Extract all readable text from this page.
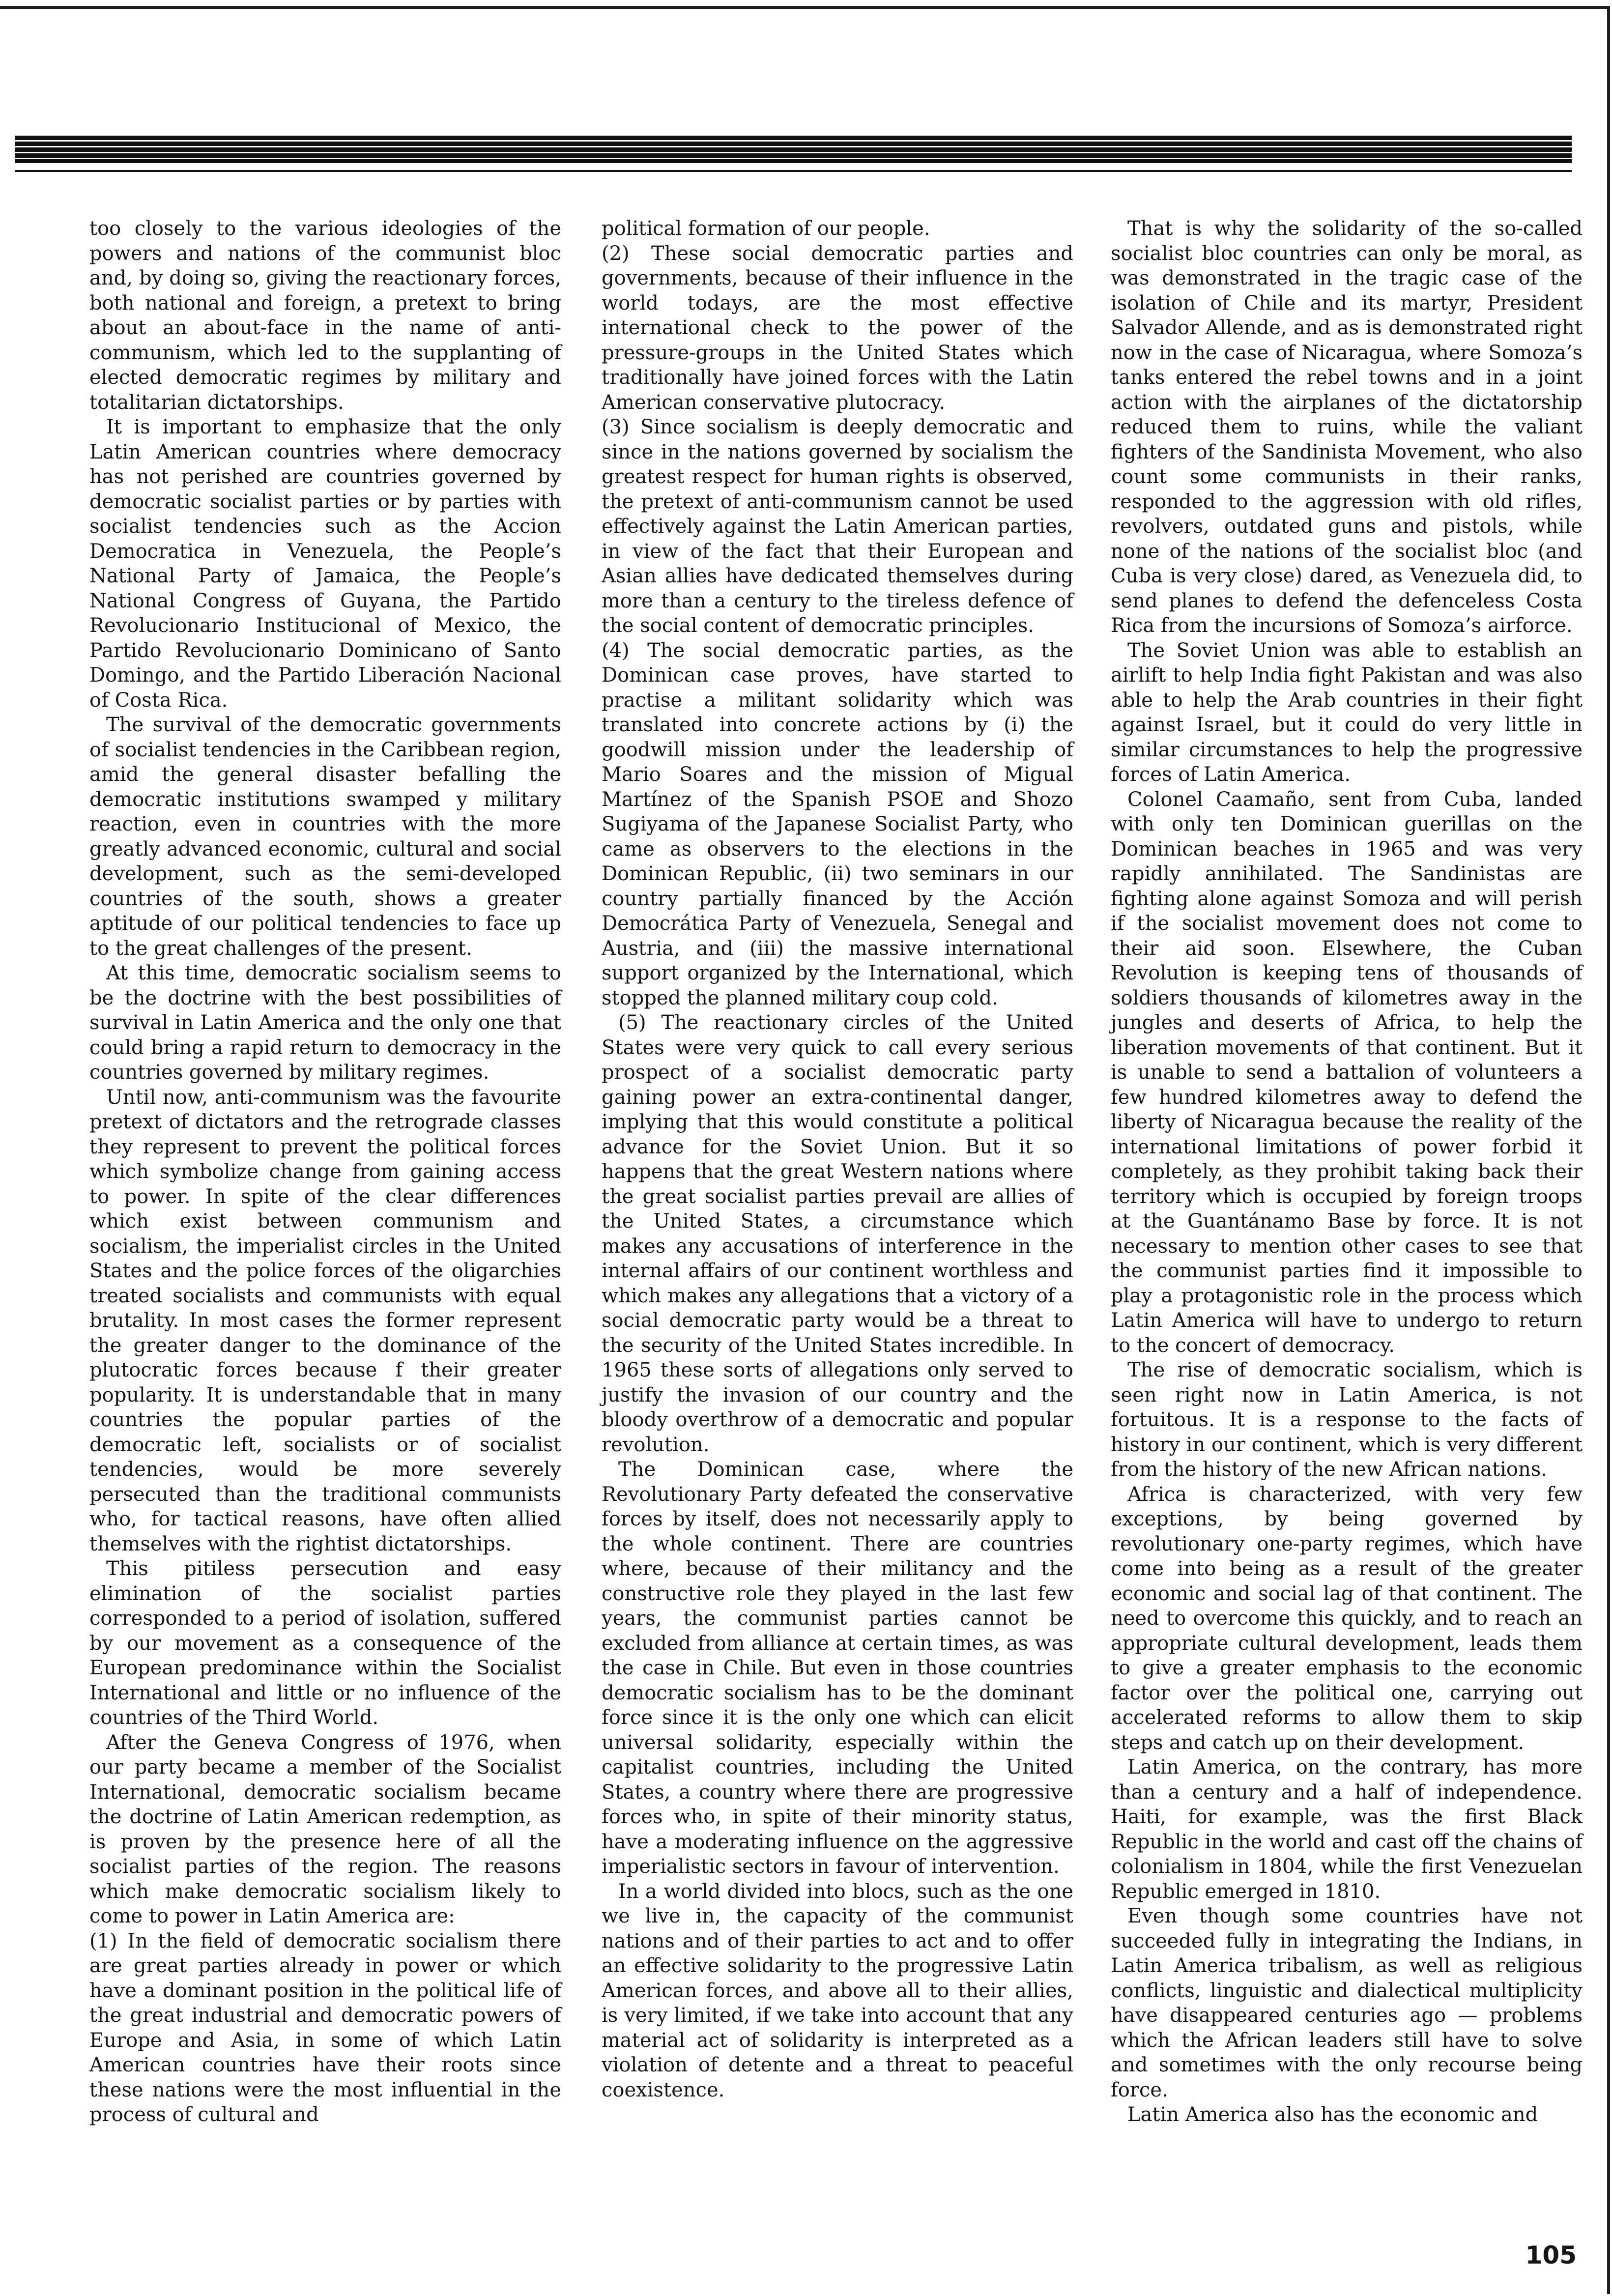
too closely to the various ideologies of the powers and nations of the communist bloc and, by doing so, giving the reactionary forces, both national and foreign, a pretext to bring about an about-face in the name of anti-communism, which led to the supplanting of elected democratic regimes by military and totalitarian dictatorships.

It is important to emphasize that the only Latin American countries where democracy has not perished are countries governed by democratic socialist parties or by parties with socialist tendencies such as the Accion Democratica in Venezuela, the People’s National Party of Jamaica, the People’s National Congress of Guyana, the Partido Revolucionario Institucional of Mexico, the Partido Revolucionario Dominicano of Santo Domingo, and the Partido Liberación Nacional of Costa Rica.

The survival of the democratic governments of socialist tendencies in the Caribbean region, amid the general disaster befalling the democratic institutions swamped y military reaction, even in countries with the more greatly advanced economic, cultural and social development, such as the semi-developed countries of the south, shows a greater aptitude of our political tendencies to face up to the great challenges of the present.

At this time, democratic socialism seems to be the doctrine with the best possibilities of survival in Latin America and the only one that could bring a rapid return to democracy in the countries governed by military regimes.

Until now, anti-communism was the favourite pretext of dictators and the retrograde classes they represent to prevent the political forces which symbolize change from gaining access to power. In spite of the clear differences which exist between communism and socialism, the imperialist circles in the United States and the police forces of the oligarchies treated socialists and communists with equal brutality. In most cases the former represent the greater danger to the dominance of the plutocratic forces because f their greater popularity. It is understandable that in many countries the popular parties of the democratic left, socialists or of socialist tendencies, would be more severely persecuted than the traditional communists who, for tactical reasons, have often allied themselves with the rightist dictatorships.

This pitiless persecution and easy elimination of the socialist parties corresponded to a period of isolation, suffered by our movement as a consequence of the European predominance within the Socialist International and little or no influence of the countries of the Third World.

After the Geneva Congress of 1976, when our party became a member of the Socialist International, democratic socialism became the doctrine of Latin American redemption, as is proven by the presence here of all the socialist parties of the region. The reasons which make democratic socialism likely to come to power in Latin America are:

(1) In the field of democratic socialism there are great parties already in power or which have a dominant position in the political life of the great industrial and democratic powers of Europe and Asia, in some of which Latin American countries have their roots since these nations were the most influential in the process of cultural and

political formation of our people.

(2) These social democratic parties and governments, because of their influence in the world todays, are the most effective international check to the power of the pressure-groups in the United States which traditionally have joined forces with the Latin American conservative plutocracy.

(3) Since socialism is deeply democratic and since in the nations governed by socialism the greatest respect for human rights is observed, the pretext of anti-communism cannot be used effectively against the Latin American parties, in view of the fact that their European and Asian allies have dedicated themselves during more than a century to the tireless defence of the social content of democratic principles.

(4) The social democratic parties, as the Dominican case proves, have started to practise a militant solidarity which was translated into concrete actions by (i) the goodwill mission under the leadership of Mario Soares and the mission of Migual Martínez of the Spanish PSOE and Shozo Sugiyama of the Japanese Socialist Party, who came as observers to the elections in the Dominican Republic, (ii) two seminars in our country partially financed by the Acción Democrática Party of Venezuela, Senegal and Austria, and (iii) the massive international support organized by the International, which stopped the planned military coup cold.

(5) The reactionary circles of the United States were very quick to call every serious prospect of a socialist democratic party gaining power an extra-continental danger, implying that this would constitute a political advance for the Soviet Union. But it so happens that the great Western nations where the great socialist parties prevail are allies of the United States, a circumstance which makes any accusations of interference in the internal affairs of our continent worthless and which makes any allegations that a victory of a social democratic party would be a threat to the security of the United States incredible. In 1965 these sorts of allegations only served to justify the invasion of our country and the bloody overthrow of a democratic and popular revolution.

The Dominican case, where the Revolutionary Party defeated the conservative forces by itself, does not necessarily apply to the whole continent. There are countries where, because of their militancy and the constructive role they played in the last few years, the communist parties cannot be excluded from alliance at certain times, as was the case in Chile. But even in those countries democratic socialism has to be the dominant force since it is the only one which can elicit universal solidarity, especially within the capitalist countries, including the United States, a country where there are progressive forces who, in spite of their minority status, have a moderating influence on the aggressive imperialistic sectors in favour of intervention.

In a world divided into blocs, such as the one we live in, the capacity of the communist nations and of their parties to act and to offer an effective solidarity to the progressive Latin American forces, and above all to their allies, is very limited, if we take into account that any material act of solidarity is interpreted as a violation of detente and a threat to peaceful coexistence.

That is why the solidarity of the so-called socialist bloc countries can only be moral, as was demonstrated in the tragic case of the isolation of Chile and its martyr, President Salvador Allende, and as is demonstrated right now in the case of Nicaragua, where Somoza’s tanks entered the rebel towns and in a joint action with the airplanes of the dictatorship reduced them to ruins, while the valiant fighters of the Sandinista Movement, who also count some communists in their ranks, responded to the aggression with old rifles, revolvers, outdated guns and pistols, while none of the nations of the socialist bloc (and Cuba is very close) dared, as Venezuela did, to send planes to defend the defenceless Costa Rica from the incursions of Somoza’s airforce.

The Soviet Union was able to establish an airlift to help India fight Pakistan and was also able to help the Arab countries in their fight against Israel, but it could do very little in similar circumstances to help the progressive forces of Latin America.

Colonel Caamaño, sent from Cuba, landed with only ten Dominican guerillas on the Dominican beaches in 1965 and was very rapidly annihilated. The Sandinistas are fighting alone against Somoza and will perish if the socialist movement does not come to their aid soon. Elsewhere, the Cuban Revolution is keeping tens of thousands of soldiers thousands of kilometres away in the jungles and deserts of Africa, to help the liberation movements of that continent. But it is unable to send a battalion of volunteers a few hundred kilometres away to defend the liberty of Nicaragua because the reality of the international limitations of power forbid it completely, as they prohibit taking back their territory which is occupied by foreign troops at the Guantánamo Base by force. It is not necessary to mention other cases to see that the communist parties find it impossible to play a protagonistic role in the process which Latin America will have to undergo to return to the concert of democracy.

The rise of democratic socialism, which is seen right now in Latin America, is not fortuitous. It is a response to the facts of history in our continent, which is very different from the history of the new African nations.

Africa is characterized, with very few exceptions, by being governed by revolutionary one-party regimes, which have come into being as a result of the greater economic and social lag of that continent. The need to overcome this quickly, and to reach an appropriate cultural development, leads them to give a greater emphasis to the economic factor over the political one, carrying out accelerated reforms to allow them to skip steps and catch up on their development.

Latin America, on the contrary, has more than a century and a half of independence. Haiti, for example, was the first Black Republic in the world and cast off the chains of colonialism in 1804, while the first Venezuelan Republic emerged in 1810.

Even though some countries have not succeeded fully in integrating the Indians, in Latin America tribalism, as well as religious conflicts, linguistic and dialectical multiplicity have disappeared centuries ago — problems which the African leaders still have to solve and sometimes with the only recourse being force.

Latin America also has the economic and

105
